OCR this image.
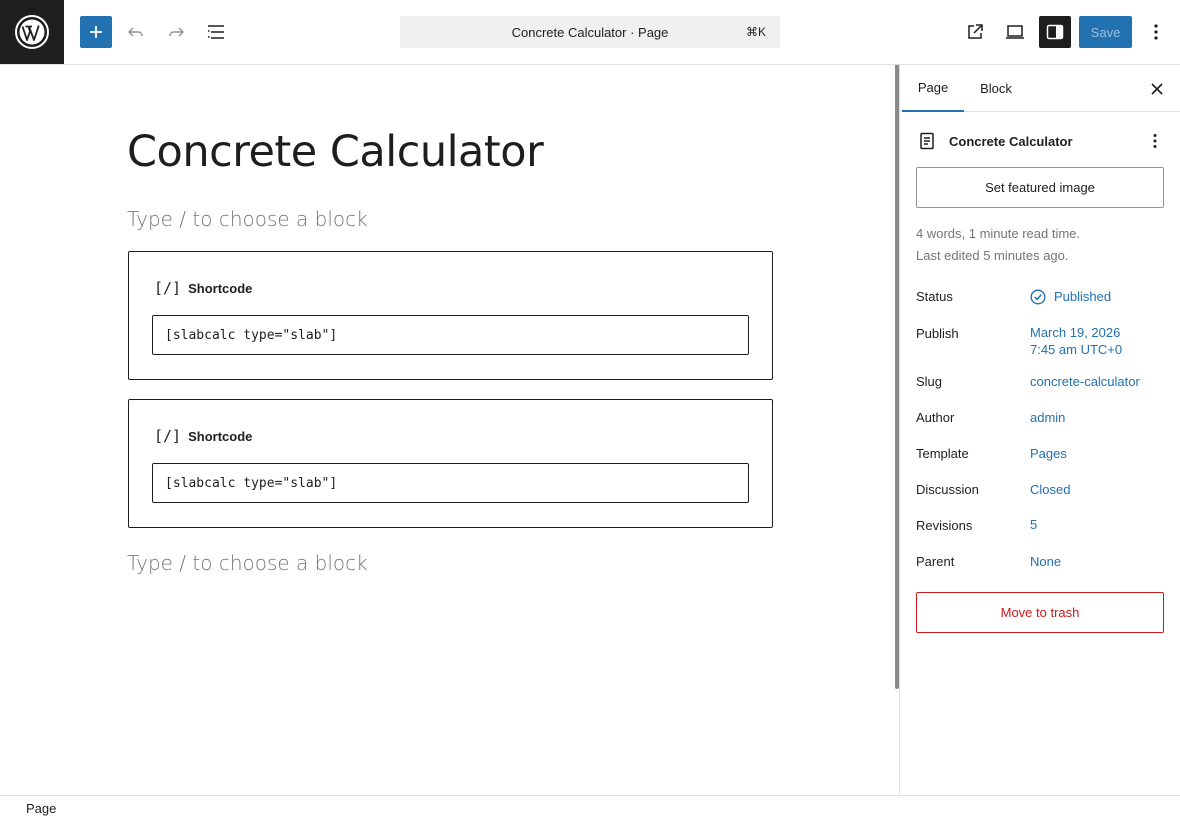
Concrete Calculator · Page	⌘K	Save
Concrete Calculator
Type / to choose a block
[/] Shortcode
[slabcalc type="slab"]
[/] Shortcode
[slabcalc type="slab"]
Type / to choose a block
Page	Block
Concrete Calculator
Set featured image
4 words, 1 minute read time.
Last edited 5 minutes ago.
Status	Published
Publish	March 19, 2026
7:45 am UTC+0
Slug	concrete-calculator
Author	admin
Template	Pages
Discussion	Closed
Revisions	5
Parent	None
Move to trash
Page
